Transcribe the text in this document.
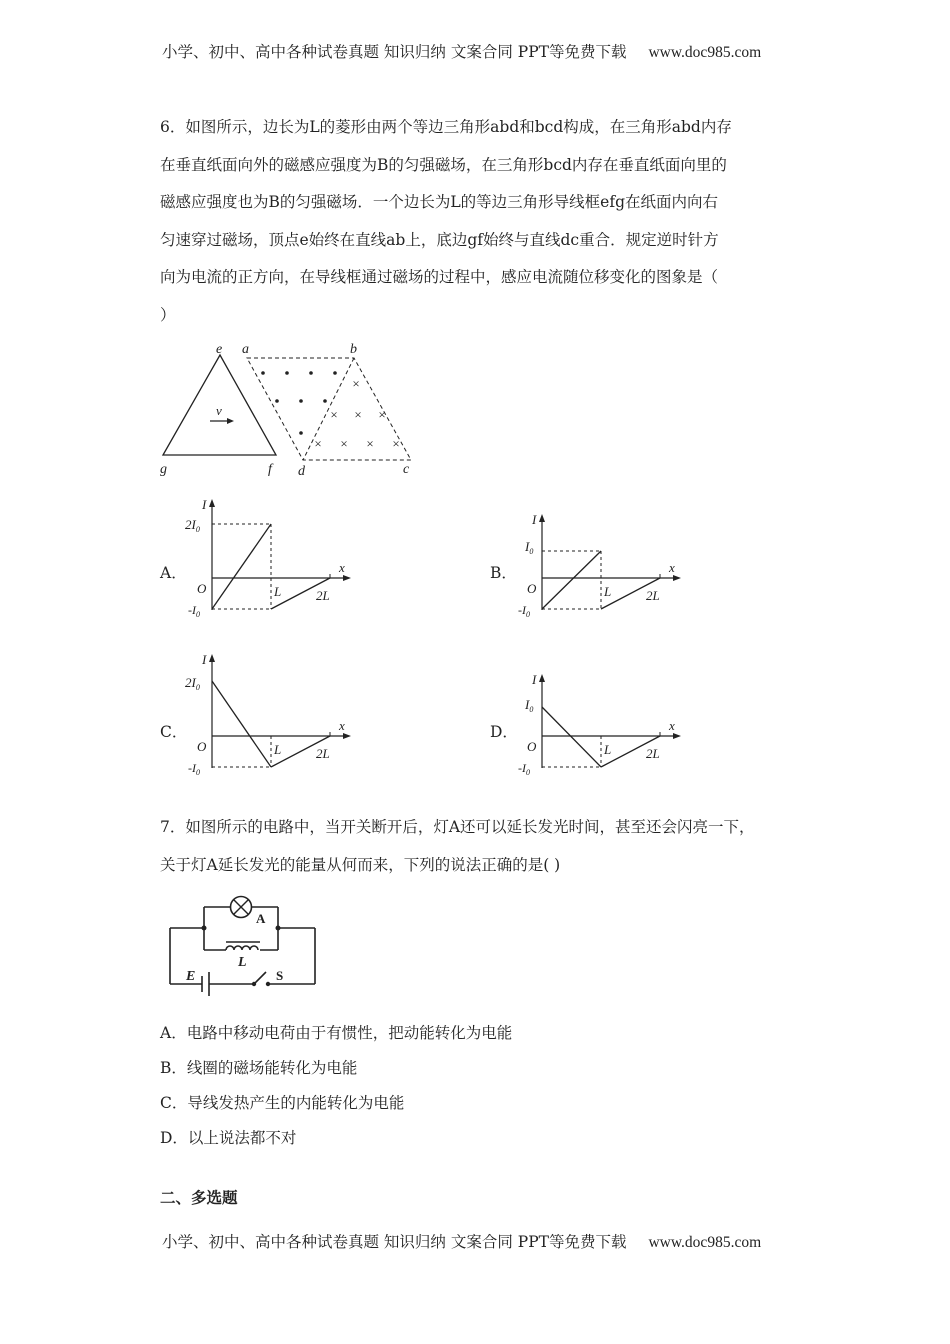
小学、初中、高中各种试卷真题 知识归纳 文案合同 PPT等免费下载 www.doc985.com

6．如图所示，边长为L的菱形由两个等边三角形abd和bcd构成，在三角形abd内存

在垂直纸面向外的磁感应强度为B的匀强磁场，在三角形bcd内存在垂直纸面向里的

磁感应强度也为B的匀强磁场．一个边长为L的等边三角形导线框efg在纸面内向右

匀速穿过磁场，顶点e始终在直线ab上，底边gf始终与直线dc重合．规定逆时针方

向为电流的正方向，在导线框通过磁场的过程中，感应电流随位移变化的图象是（

）

v
×
× × ×
× × × ×
e a	b
g	f d	c
A．	B．
C．	D．
I
x
O
$2I_0$
$-I_0$
L	2L
I
x
O
$I_0$
$-I_0$
L	2L
I
x
O
$2I_0$
$-I_0$
L	2L
I
x
O
$I_0$
$-I_0$
L	2L

7．如图所示的电路中，当开关断开后，灯A还可以延长发光时间，甚至还会闪亮一下，

关于灯A延长发光的能量从何而来，下列的说法正确的是( )

A
L
E	S
A．电路中移动电荷由于有惯性，把动能转化为电能
B．线圈的磁场能转化为电能
C．导线发热产生的内能转化为电能
D．以上说法都不对
二、多选题
小学、初中、高中各种试卷真题 知识归纳 文案合同 PPT等免费下载 www.doc985.com
